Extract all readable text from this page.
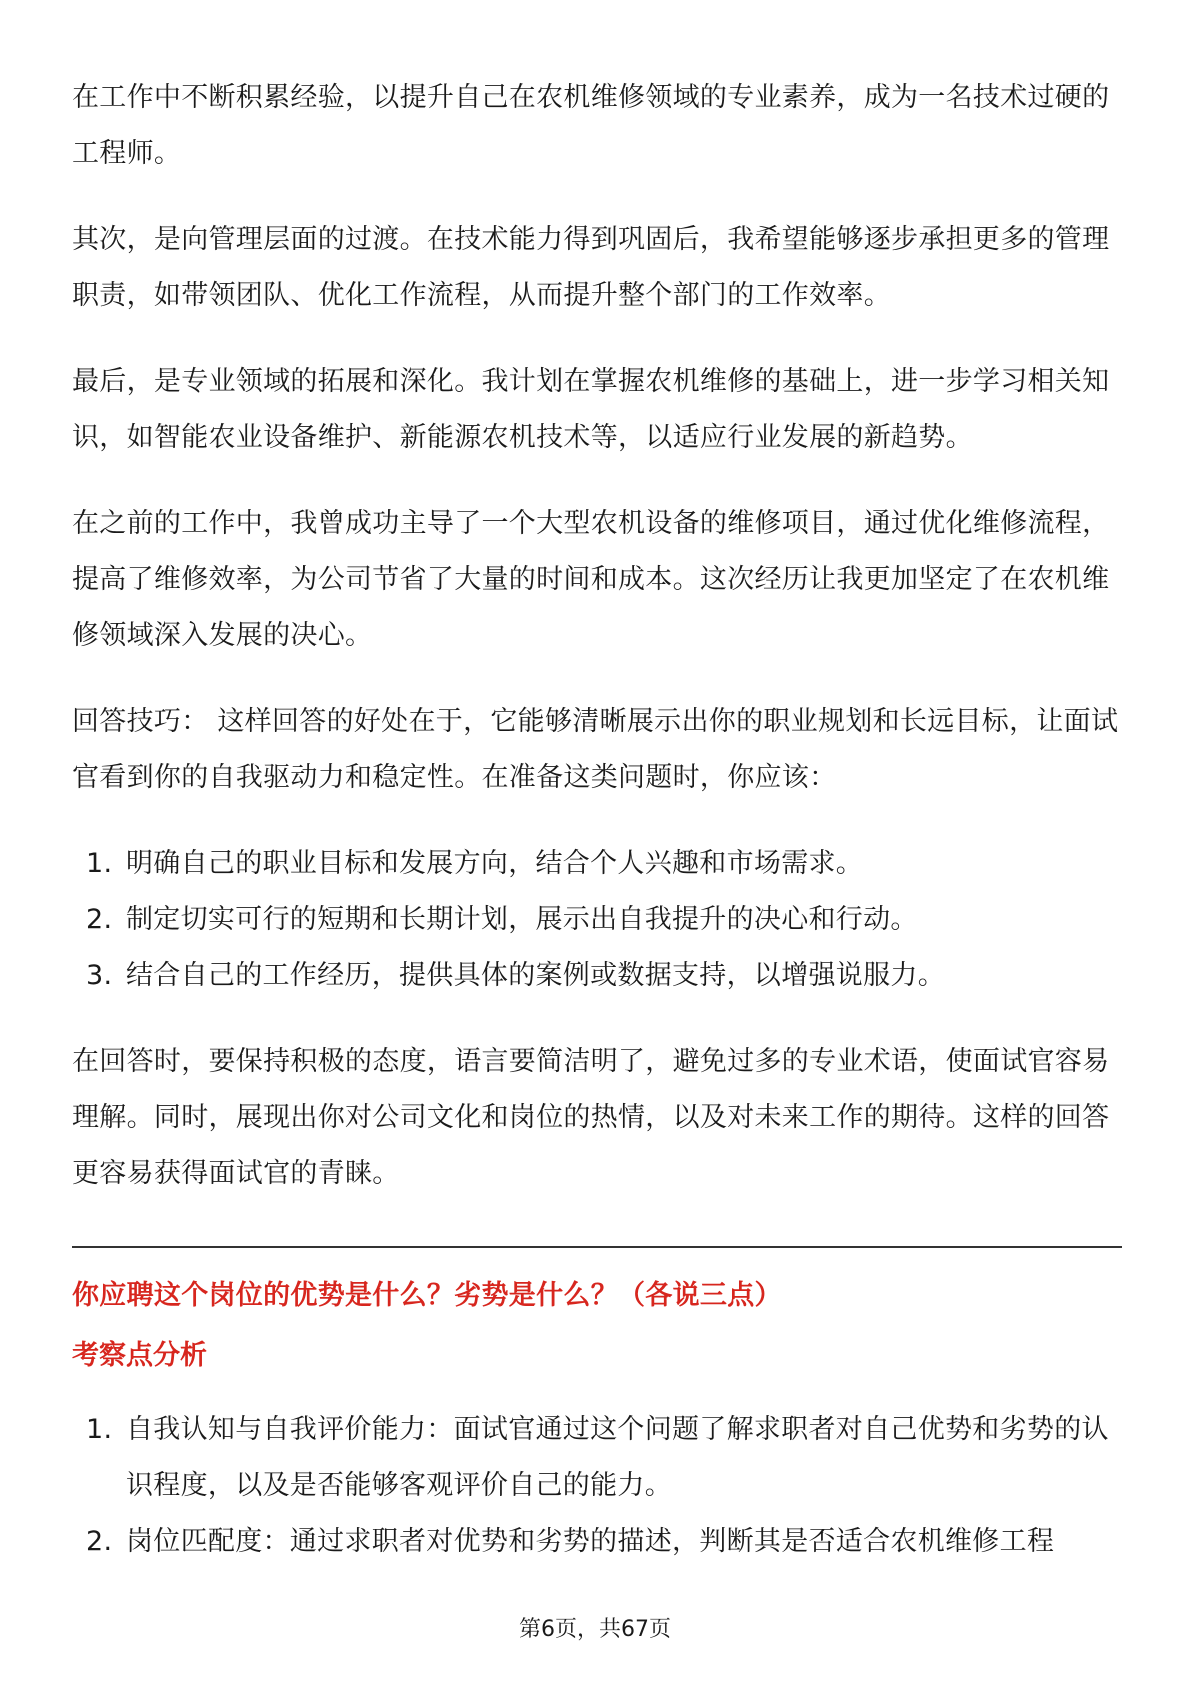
在工作中不断积累经验，以提升自己在农机维修领域的专业素养，成为一名技术过硬的工程师。

其次，是向管理层面的过渡。在技术能力得到巩固后，我希望能够逐步承担更多的管理职责，如带领团队、优化工作流程，从而提升整个部门的工作效率。

最后，是专业领域的拓展和深化。我计划在掌握农机维修的基础上，进一步学习相关知识，如智能农业设备维护、新能源农机技术等，以适应行业发展的新趋势。

在之前的工作中，我曾成功主导了一个大型农机设备的维修项目，通过优化维修流程，提高了维修效率，为公司节省了大量的时间和成本。这次经历让我更加坚定了在农机维修领域深入发展的决心。

回答技巧： 这样回答的好处在于，它能够清晰展示出你的职业规划和长远目标，让面试官看到你的自我驱动力和稳定性。在准备这类问题时，你应该：

1. 明确自己的职业目标和发展方向，结合个人兴趣和市场需求。
2. 制定切实可行的短期和长期计划，展示出自我提升的决心和行动。
3. 结合自己的工作经历，提供具体的案例或数据支持，以增强说服力。

在回答时，要保持积极的态度，语言要简洁明了，避免过多的专业术语，使面试官容易理解。同时，展现出你对公司文化和岗位的热情，以及对未来工作的期待。这样的回答更容易获得面试官的青睐。

你应聘这个岗位的优势是什么？劣势是什么？（各说三点）

考察点分析

1. 自我认知与自我评价能力：面试官通过这个问题了解求职者对自己优势和劣势的认识程度，以及是否能够客观评价自己的能力。
2. 岗位匹配度：通过求职者对优势和劣势的描述，判断其是否适合农机维修工程
第6页，共67页
